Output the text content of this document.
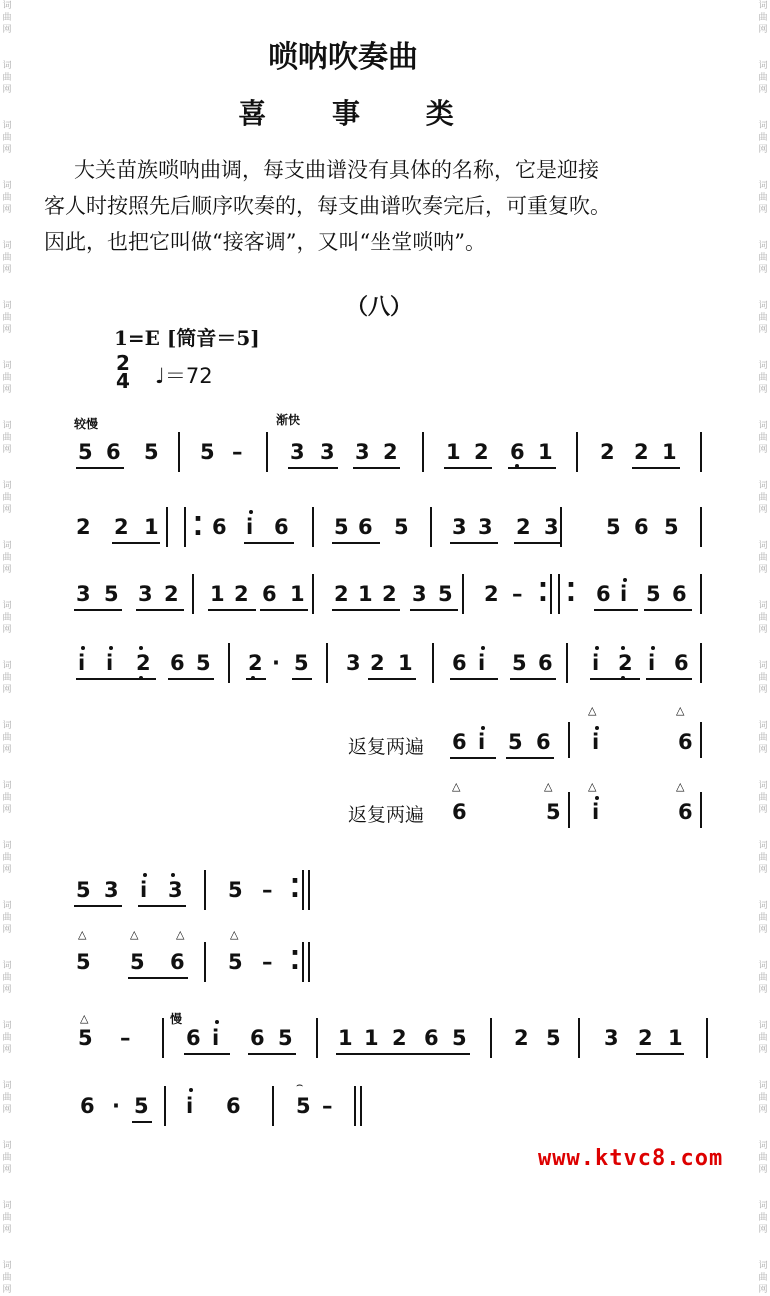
词
曲
网
词
曲
网
词
曲
网
词
曲
网
词
曲
网
词
曲
网
词
曲
网
词
曲
网
词
曲
网
词
曲
网
词
曲
网
词
曲
网
词
曲
网
词
曲
网
词
曲
网
词
曲
网
词
曲
网
词
曲
网
词
曲
网
词
曲
网
词
曲
网
词
曲
网
词
曲
网
词
曲
网
词
曲
网
词
曲
网
词
曲
网
词
曲
网
词
曲
网
词
曲
网
词
曲
网
词
曲
网
词
曲
网
词
曲
网
词
曲
网
词
曲
网
词
曲
网
词
曲
网
词
曲
网
词
曲
网
词
曲
网
词
曲
网
词
曲
网
词
曲
网
唢呐吹奏曲
喜 事 类

大关苗族唢呐曲调，每支曲谱没有具体的名称，它是迎接

客人时按照先后顺序吹奏的，每支曲谱吹奏完后，可重复吹。

因此，也把它叫做“接客调”，又叫“坐堂唢呐”。

（八）
1=E [筒音＝5]
2
4 ♩＝72
较慢	渐快
5 6	5	5 –	3 3 3 2	1 2	6 1	2 2 1
2	2 1	6 i 6	5 6	5	3 3	2 3	5 6 5
⁚
3 5 3 2	1 2 6 1	2 1 2 3 5	2 –	6 i 5 6
⁚ ⁚
i i	2 6 5	2 · 5	3 2 1	6 i	5 6	i 2 i 6
返复两遍 6 i	5 6	i	6
△	△
返复两遍 6	5	i	6
△	△	△	△
5 3	i 3	5 – ⁚
5	5	6	5 – ⁚
△	△	△	△
慢
5	–	6 i	6 5	1 1 2 6 5	2 5	3 2 1
△
6 · 5	i	6	5 –
⌢
www.ktvc8.com
